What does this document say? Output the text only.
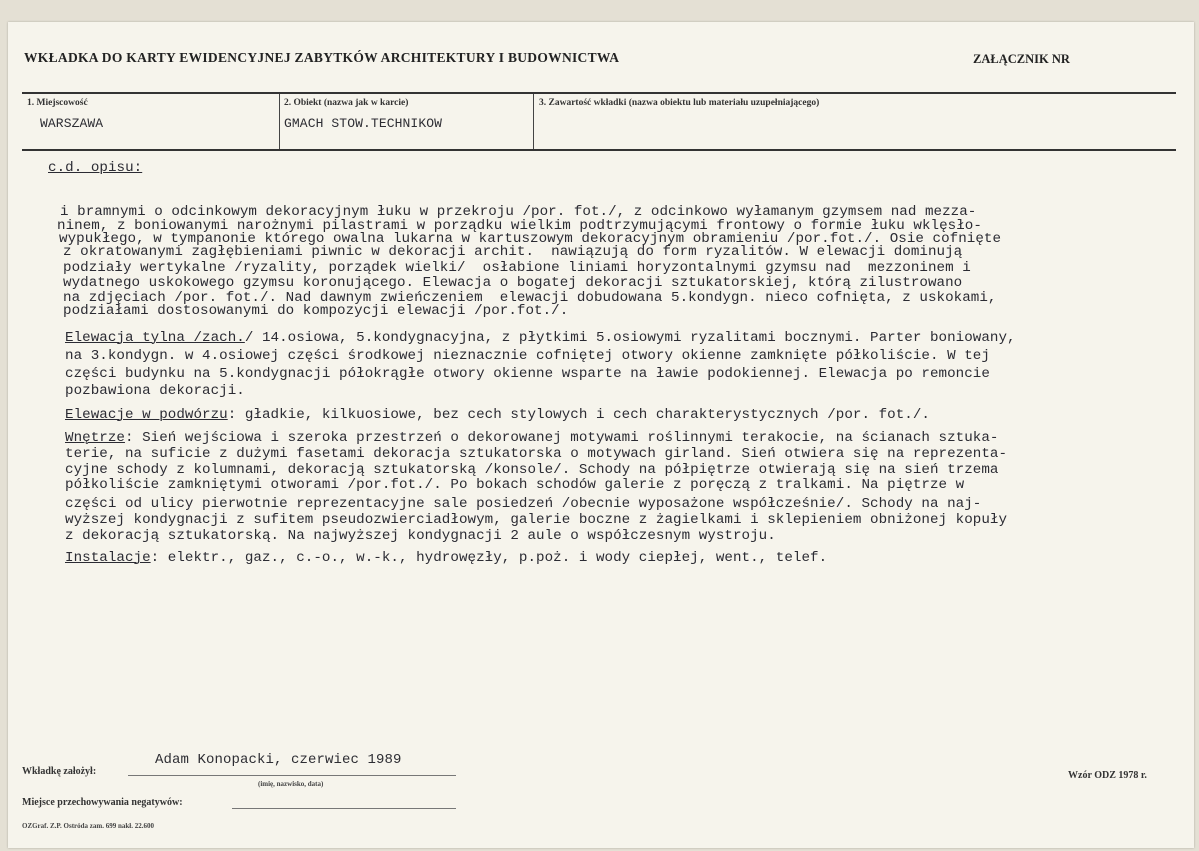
WKŁADKA DO KARTY EWIDENCYJNEJ ZABYTKÓW ARCHITEKTURY I BUDOWNICTWA	ZAŁĄCZNIK NR
1. Miejscowość
WARSZAWA
2. Obiekt (nazwa jak w karcie)
GMACH STOW.TECHNIKOW
3. Zawartość wkładki (nazwa obiektu lub materiału uzupełniającego)
c.d. opisu:
i bramnymi o odcinkowym dekoracyjnym łuku w przekroju /por. fot./, z odcinkowo wyłamanym gzymsem nad mezza-
ninem, z boniowanymi narożnymi pilastrami w porządku wielkim podtrzymującymi frontowy o formie łuku wklęsło-
wypukłego, w tympanonie którego owalna lukarna w kartuszowym dekoracyjnym obramieniu /por.fot./. Osie cofnięte
z okratowanymi zagłębieniami piwnic w dekoracji archit.  nawiązują do form ryzalitów. W elewacji dominują
podziały wertykalne /ryzality, porządek wielki/  osłabione liniami horyzontalnymi gzymsu nad  mezzoninem i
wydatnego uskokowego gzymsu koronującego. Elewacja o bogatej dekoracji sztukatorskiej, którą zilustrowano
na zdjęciach /por. fot./. Nad dawnym zwieńczeniem  elewacji dobudowana 5.kondygn. nieco cofnięta, z uskokami,
podziałami dostosowanymi do kompozycji elewacji /por.fot./.
Elewacja tylna /zach./ 14.osiowa, 5.kondygnacyjna, z płytkimi 5.osiowymi ryzalitami bocznymi. Parter boniowany,
na 3.kondygn. w 4.osiowej części środkowej nieznacznie cofniętej otwory okienne zamknięte półkoliście. W tej
części budynku na 5.kondygnacji półokrągłe otwory okienne wsparte na ławie podokiennej. Elewacja po remoncie
pozbawiona dekoracji.
Elewacje w podwórzu: gładkie, kilkuosiowe, bez cech stylowych i cech charakterystycznych /por. fot./.
Wnętrze: Sień wejściowa i szeroka przestrzeń o dekorowanej motywami roślinnymi terakocie, na ścianach sztuka-
terie, na suficie z dużymi fasetami dekoracja sztukatorska o motywach girland. Sień otwiera się na reprezenta-
cyjne schody z kolumnami, dekoracją sztukatorską /konsole/. Schody na półpiętrze otwierają się na sień trzema
półkoliście zamkniętymi otworami /por.fot./. Po bokach schodów galerie z poręczą z tralkami. Na piętrze w
części od ulicy pierwotnie reprezentacyjne sale posiedzeń /obecnie wyposażone współcześnie/. Schody na naj-
wyższej kondygnacji z sufitem pseudozwierciadłowym, galerie boczne z żagielkami i sklepieniem obniżonej kopuły
z dekoracją sztukatorską. Na najwyższej kondygnacji 2 aule o współczesnym wystroju.
Instalacje: elektr., gaz., c.-o., w.-k., hydrowęzły, p.poż. i wody ciepłej, went., telef.
Wkładkę założył:
Adam Konopacki, czerwiec 1989
(imię, nazwisko, data)
Miejsce przechowywania negatywów:
OZGraf. Z.P. Ostróda zam. 699 nakł. 22.600
Wzór ODZ 1978 r.
